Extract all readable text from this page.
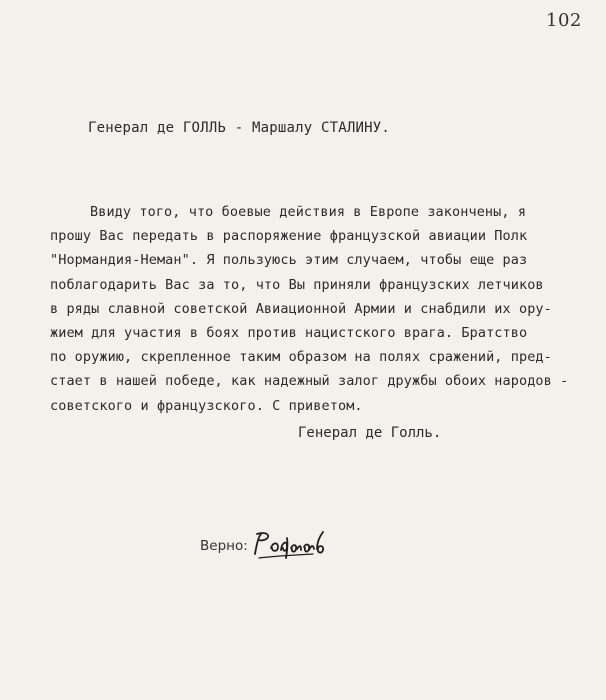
102
Генерал де ГОЛЛЬ - Маршалу СТАЛИНУ.
Ввиду того, что боевые действия в Европе закончены, я
прошу Вас передать в распоряжение французской авиации Полк
"Нормандия-Неман". Я пользуюсь этим случаем, чтобы еще раз
поблагодарить Вас за то, что Вы приняли французских летчиков
в ряды славной советской Авиационной Армии и снабдили их ору-
жием для участия в боях против нацистского врага. Братство
по оружию, скрепленное таким образом на полях сражений, пред-
стает в нашей победе, как надежный залог дружбы обоих народов -
советского и французского. С приветом.
Генерал де Голль.
Верно:
